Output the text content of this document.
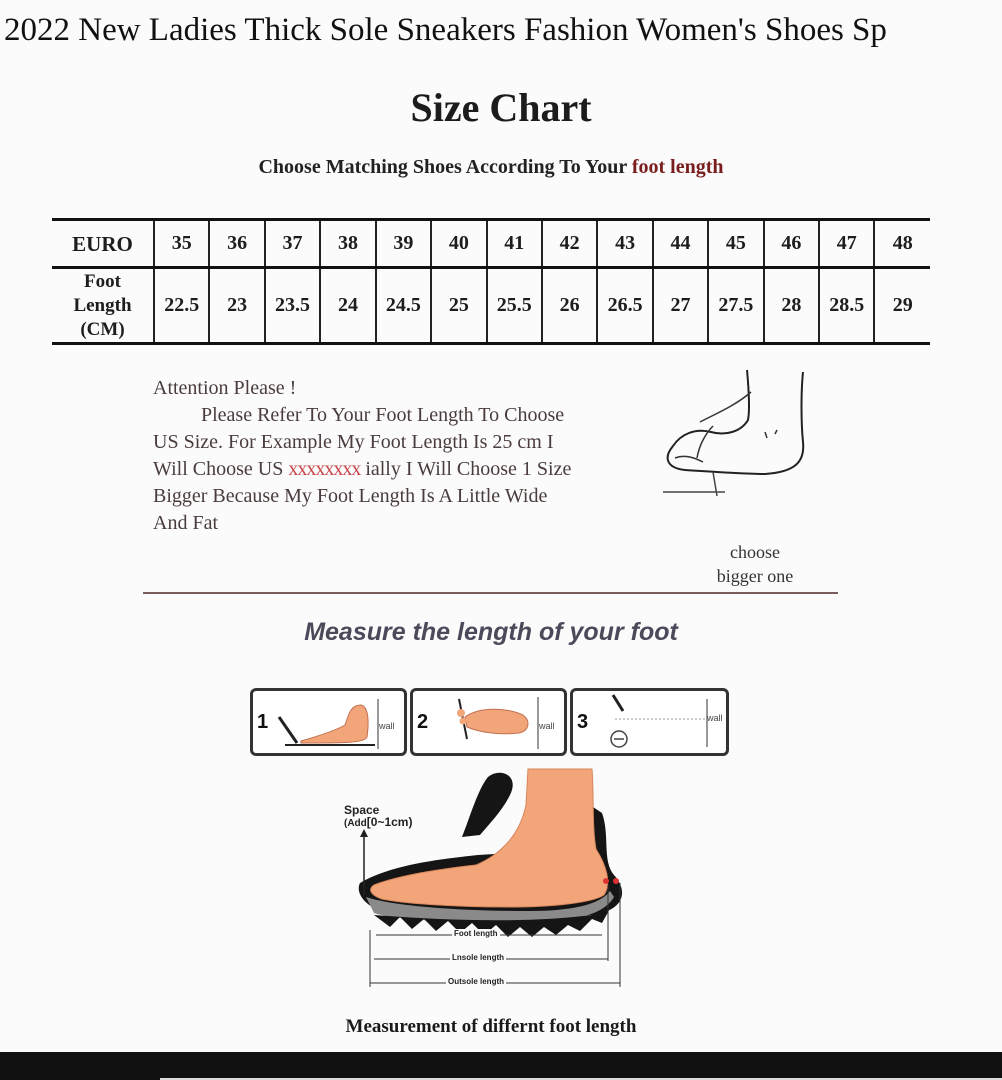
2022 New Ladies Thick Sole Sneakers Fashion Women's Shoes Sp
Size Chart
Choose Matching Shoes According To Your foot length
EURO	35	36	37	38	39	40	41	42	43	44	45	46	47	48

Foot
Length
(CM)	22.5	23	23.5	24	24.5	25	25.5	26	26.5	27	27.5	28	28.5	29
Attention Please !
Please Refer To Your Foot Length To Choose
US Size. For Example My Foot Length Is 25 cm I
Will Choose US xxxxxxxx ially I Will Choose 1 Size
Bigger Because My Foot Length Is A Little Wide
And Fat
choose
bigger one
Measure the length of your foot
1	wall 2	wall 3	wall
Space
(Add[0~1cm)
Foot length
Lnsole length
Outsole length
Measurement of differnt foot length
